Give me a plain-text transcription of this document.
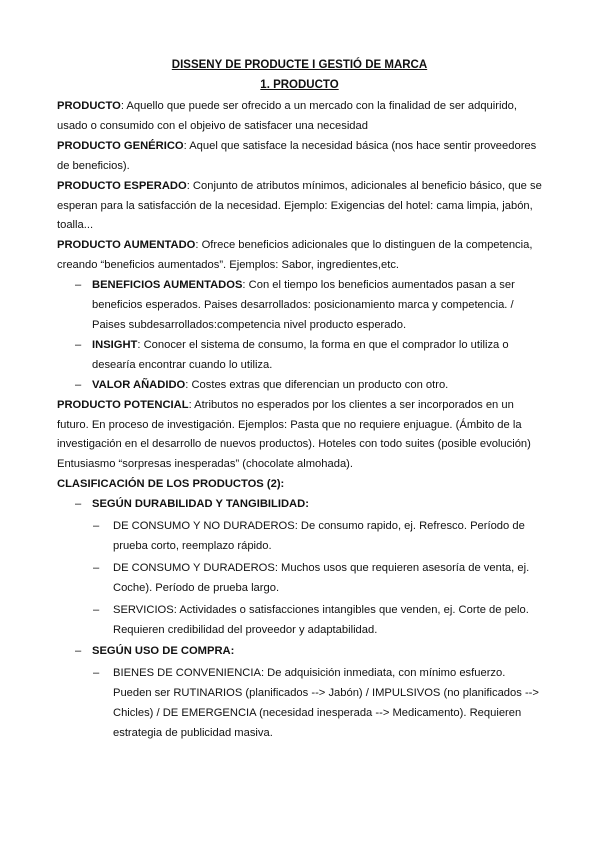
DISSENY DE PRODUCTE I GESTIÓ DE MARCA

1. PRODUCTO

PRODUCTO: Aquello que puede ser ofrecido a un mercado con la finalidad de ser adquirido, usado o consumido con el objeivo de satisfacer una necesidad

PRODUCTO GENÉRICO: Aquel que satisface la necesidad básica (nos hace sentir proveedores de beneficios).

PRODUCTO ESPERADO: Conjunto de atributos mínimos, adicionales al beneficio básico, que se esperan para la satisfacción de la necesidad. Ejemplo: Exigencias del hotel: cama limpia, jabón, toalla...

PRODUCTO AUMENTADO: Ofrece beneficios adicionales que lo distinguen de la competencia, creando “beneficios aumentados”. Ejemplos: Sabor, ingredientes,etc.

– BENEFICIOS AUMENTADOS: Con el tiempo los beneficios aumentados pasan a ser beneficios esperados. Paises desarrollados: posicionamiento marca y competencia. / Paises subdesarrollados:competencia nivel producto esperado.

– INSIGHT: Conocer el sistema de consumo, la forma en que el comprador lo utiliza o desearía encontrar cuando lo utiliza.

– VALOR AÑADIDO: Costes extras que diferencian un producto con otro.

PRODUCTO POTENCIAL: Atributos no esperados por los clientes a ser incorporados en un futuro. En proceso de investigación. Ejemplos: Pasta que no requiere enjuague. (Ámbito de la investigación en el desarrollo de nuevos productos). Hoteles con todo suites (posible evolución) Entusiasmo “sorpresas inesperadas” (chocolate almohada).

CLASIFICACIÓN DE LOS PRODUCTOS (2):

– SEGÚN DURABILIDAD Y TANGIBILIDAD:

– DE CONSUMO Y NO DURADEROS: De consumo rapido, ej. Refresco. Período de prueba corto, reemplazo rápido.

– DE CONSUMO Y DURADEROS: Muchos usos que requieren asesoría de venta, ej. Coche). Período de prueba largo.

– SERVICIOS: Actividades o satisfacciones intangibles que venden, ej. Corte de pelo. Requieren credibilidad del proveedor y adaptabilidad.

– SEGÚN USO DE COMPRA:

– BIENES DE CONVENIENCIA: De adquisición inmediata, con mínimo esfuerzo. Pueden ser RUTINARIOS (planificados --> Jabón) / IMPULSIVOS (no planificados --> Chicles) / DE EMERGENCIA (necesidad inesperada --> Medicamento). Requieren estrategia de publicidad masiva.
